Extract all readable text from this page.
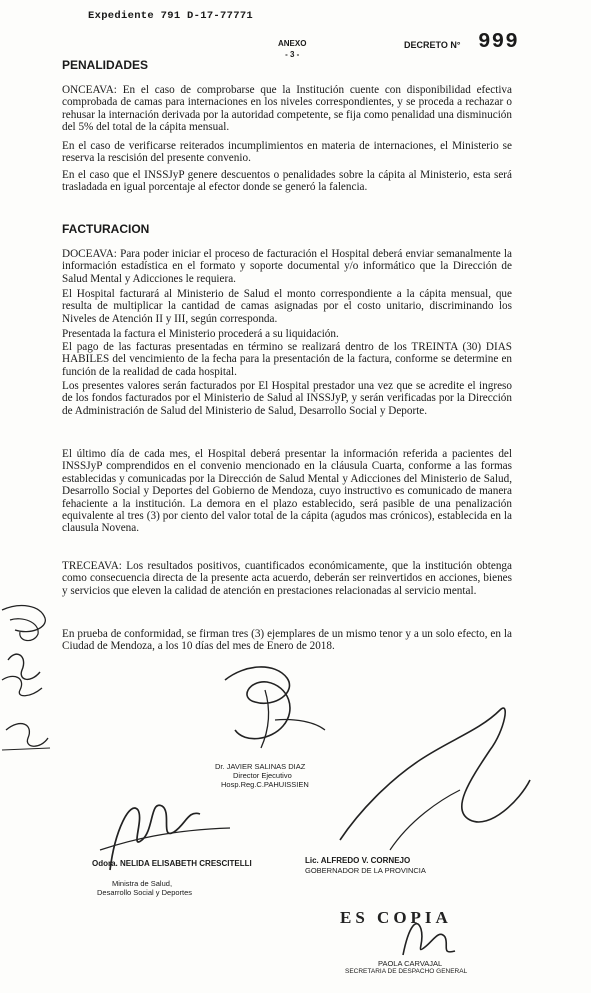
Expediente 791 D-17-77771
ANEXO
- 3 -
DECRETO N° 999
PENALIDADES

ONCEAVA: En el caso de comprobarse que la Institución cuente con disponibilidad efectiva comprobada de camas para internaciones en los niveles correspondientes, y se proceda a rechazar o rehusar la internación derivada por la autoridad competente, se fija como penalidad una disminución del 5% del total de la cápita mensual.

En el caso de verificarse reiterados incumplimientos en materia de internaciones, el Ministerio se reserva la rescisión del presente convenio.

En el caso que el INSSJyP genere descuentos o penalidades sobre la cápita al Ministerio, esta será trasladada en igual porcentaje al efector donde se generó la falencia.

FACTURACION

DOCEAVA: Para poder iniciar el proceso de facturación el Hospital deberá enviar semanalmente la información estadística en el formato y soporte documental y/o informático que la Dirección de Salud Mental y Adicciones le requiera.

El Hospital facturará al Ministerio de Salud el monto correspondiente a la cápita mensual, que resulta de multiplicar la cantidad de camas asignadas por el costo unitario, discriminando los Niveles de Atención II y III, según corresponda.

Presentada la factura el Ministerio procederá a su liquidación.

El pago de las facturas presentadas en término se realizará dentro de los TREINTA (30) DIAS HABILES del vencimiento de la fecha para la presentación de la factura, conforme se determine en función de la realidad de cada hospital.

Los presentes valores serán facturados por El Hospital prestador una vez que se acredite el ingreso de los fondos facturados por el Ministerio de Salud al INSSJyP, y serán verificadas por la Dirección de Administración de Salud del Ministerio de Salud, Desarrollo Social y Deporte.

El último día de cada mes, el Hospital deberá presentar la información referida a pacientes del INSSJyP comprendidos en el convenio mencionado en la cláusula Cuarta, conforme a las formas establecidas y comunicadas por la Dirección de Salud Mental y Adicciones del Ministerio de Salud, Desarrollo Social y Deportes del Gobierno de Mendoza, cuyo instructivo es comunicado de manera fehaciente a la institución. La demora en el plazo establecido, será pasible de una penalización equivalente al tres (3) por ciento del valor total de la cápita (agudos mas crónicos), establecida en la clausula Novena.

TRECEAVA: Los resultados positivos, cuantificados económicamente, que la institución obtenga como consecuencia directa de la presente acta acuerdo, deberán ser reinvertidos en acciones, bienes y servicios que eleven la calidad de atención en prestaciones relacionadas al servicio mental.

En prueba de conformidad, se firman tres (3) ejemplares de un mismo tenor y a un solo efecto, en la Ciudad de Mendoza, a los 10 días del mes de Enero de 2018.

Dr. JAVIER SALINAS DIAZ
Director Ejecutivo
Hosp.Reg.C.PAHUISSIEN
Odora. NELIDA ELISABETH CRESCITELLI
Ministra de Salud,
Desarrollo Social y Deportes
Lic. ALFREDO V. CORNEJO
GOBERNADOR DE LA PROVINCIA
ES COPIA
PAOLA CARVAJAL
SECRETARIA DE DESPACHO GENERAL
